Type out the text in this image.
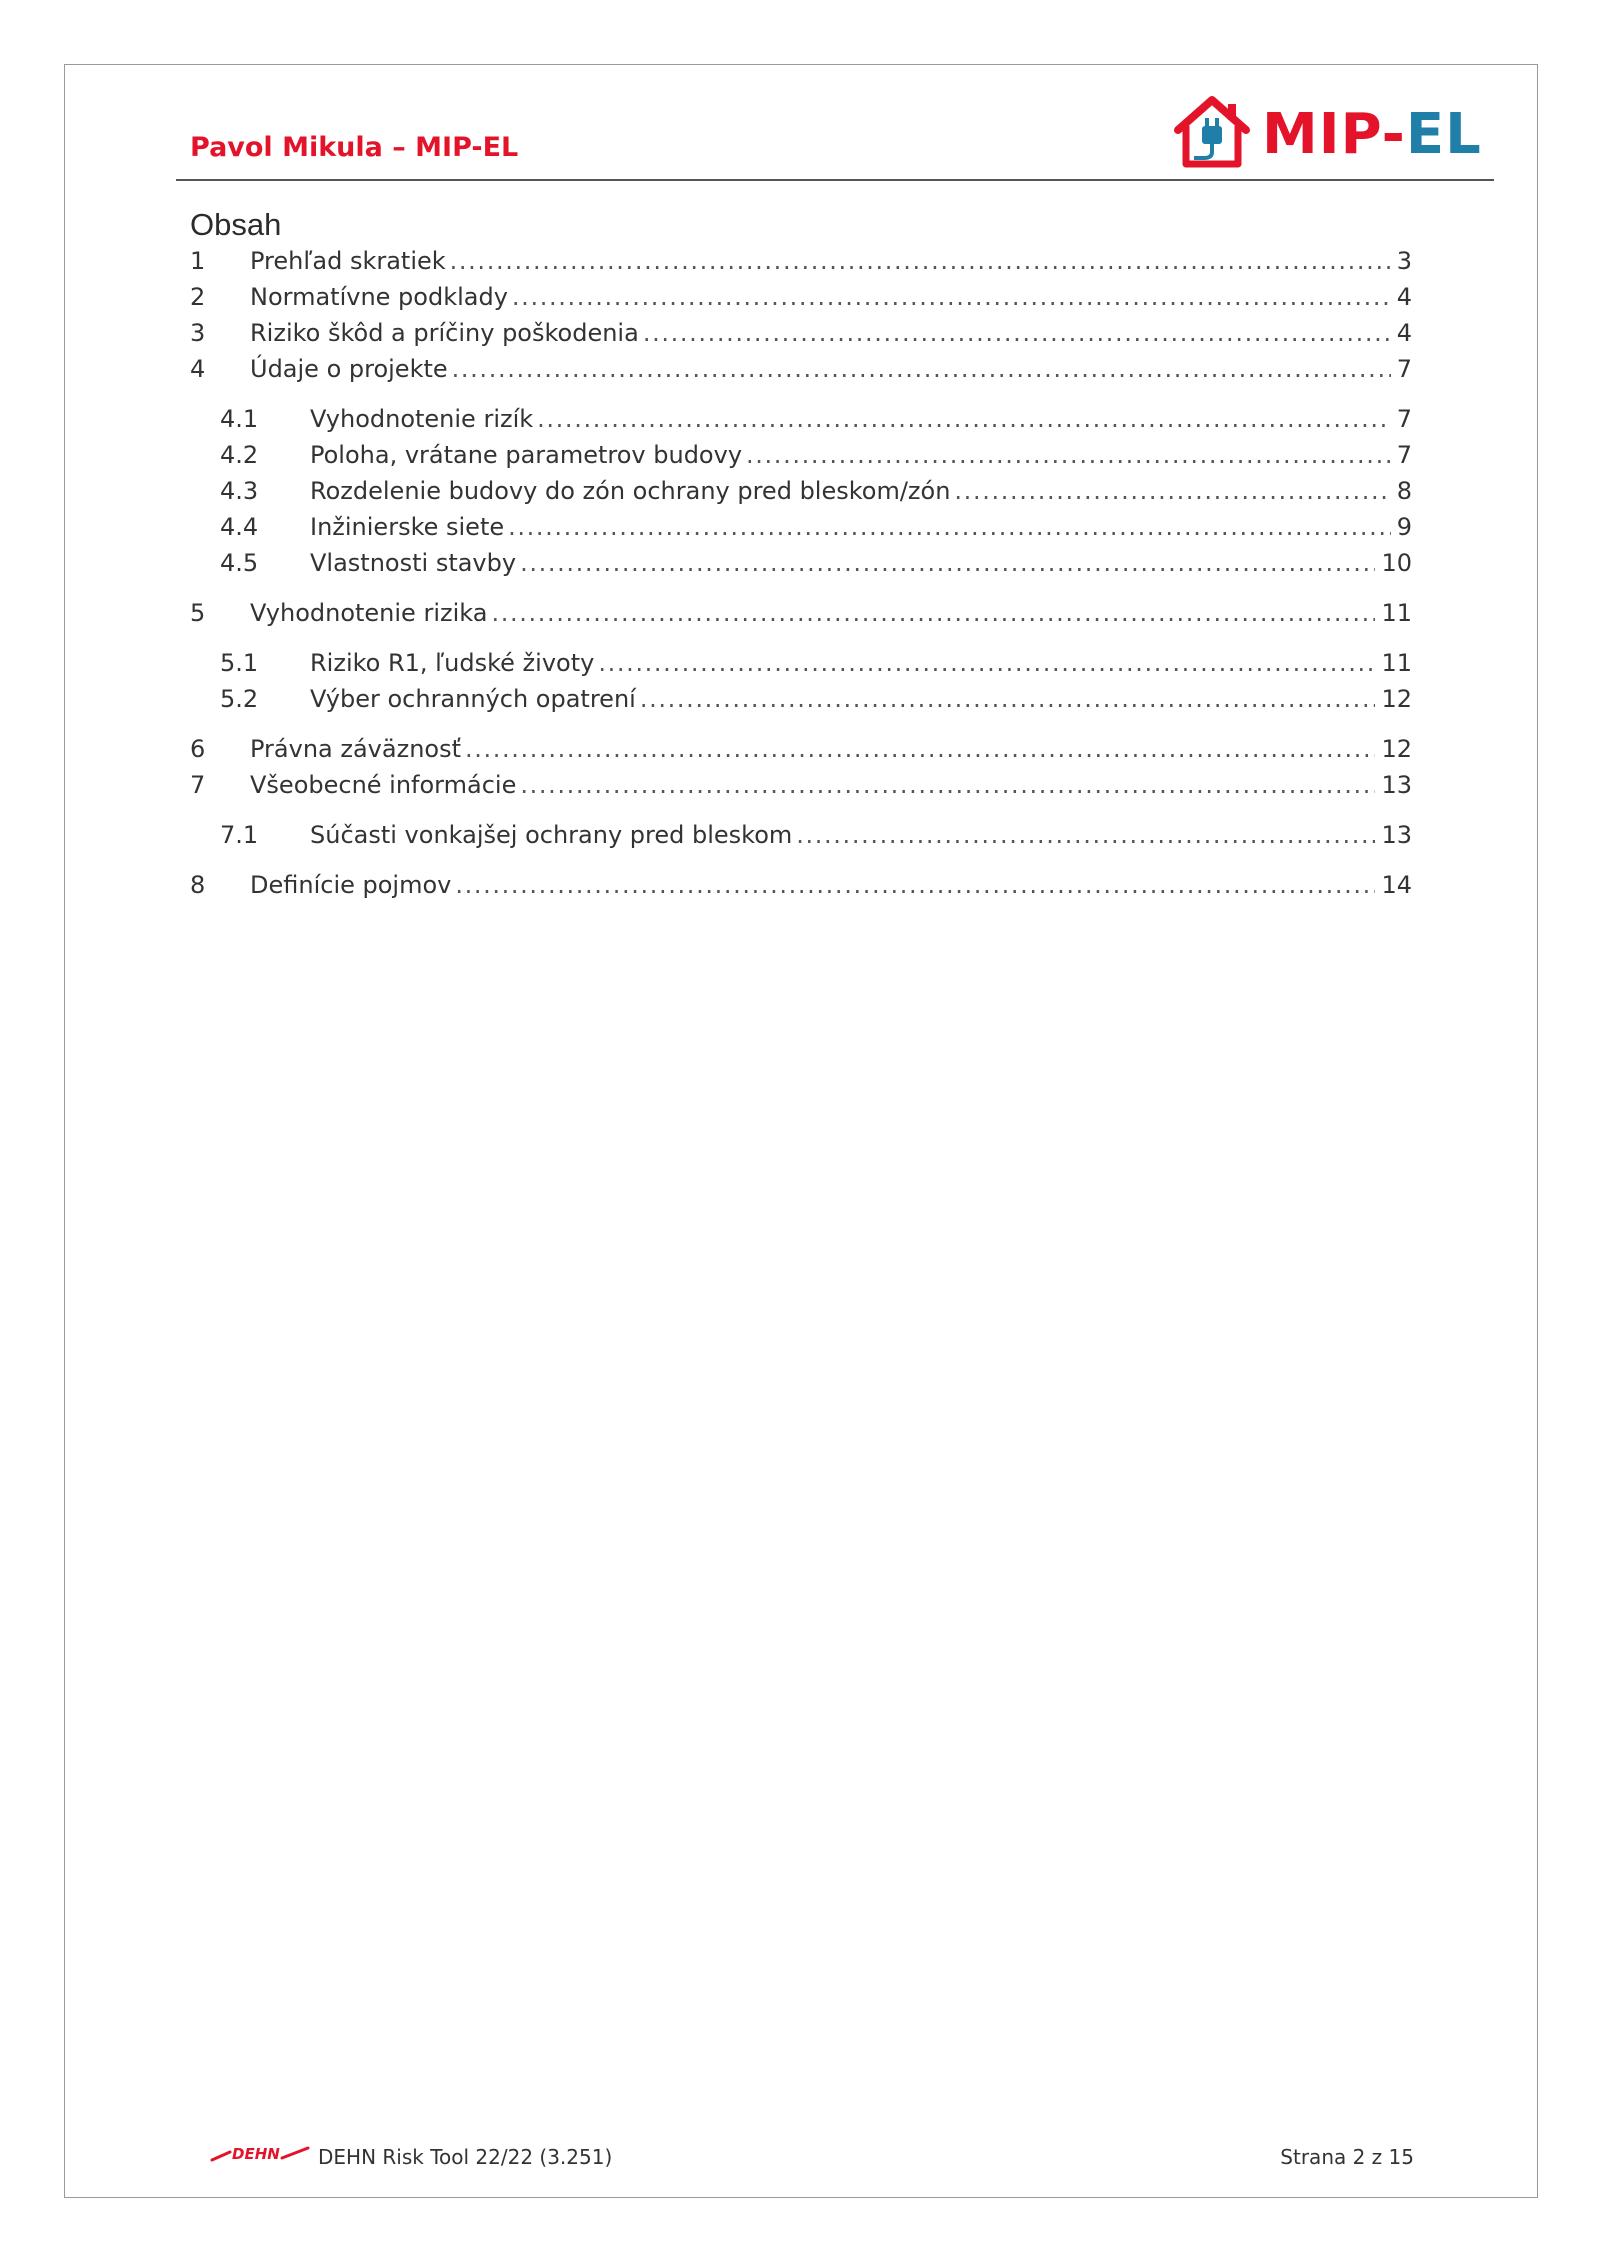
Pavol Mikula – MIP-EL	MIP-EL
Obsah
1 Prehľad skratiek . . .	3
2 Normatívne podklady . . .	4
3 Riziko škôd a príčiny poškodenia . . .	4
4 Údaje o projekte . . .	7
4.1 Vyhodnotenie rizík . . .	7
4.2 Poloha, vrátane parametrov budovy . . .	7
4.3 Rozdelenie budovy do zón ochrany pred bleskom/zón . . .	8
4.4 Inžinierske siete . . .	9
4.5 Vlastnosti stavby . . .	10
5 Vyhodnotenie rizika . . .	11
5.1 Riziko R1, ľudské životy . . .	11
5.2 Výber ochranných opatrení . . .	12
6 Právna záväznosť . . .	12
7 Všeobecné informácie . . .	13
7.1 Súčasti vonkajšej ochrany pred bleskom . . .	13
8 Definície pojmov . . .	14
DEHN DEHN Risk Tool 22/22 (3.251)	Strana 2 z 15
